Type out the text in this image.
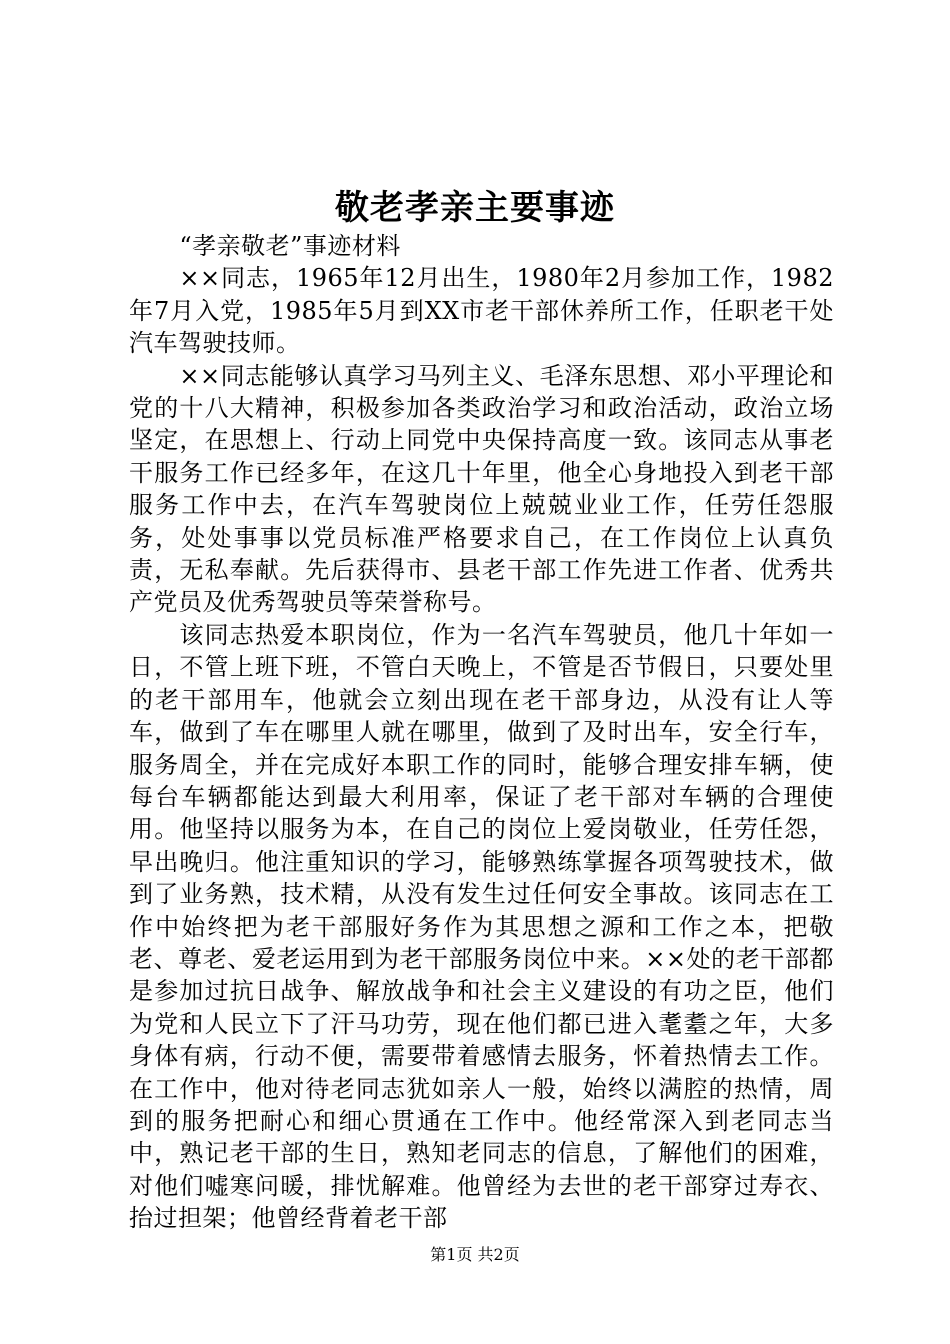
敬老孝亲主要事迹

“孝亲敬老”事迹材料

××同志，1965年12月出生，1980年2月参加工作，1982年7月入党，1985年5月到XX市老干部休养所工作，任职老干处汽车驾驶技师。

××同志能够认真学习马列主义、毛泽东思想、邓小平理论和党的十八大精神，积极参加各类政治学习和政治活动，政治立场坚定，在思想上、行动上同党中央保持高度一致。该同志从事老干服务工作已经多年，在这几十年里，他全心身地投入到老干部服务工作中去，在汽车驾驶岗位上兢兢业业工作，任劳任怨服务，处处事事以党员标准严格要求自己，在工作岗位上认真负责，无私奉献。先后获得市、县老干部工作先进工作者、优秀共产党员及优秀驾驶员等荣誉称号。

该同志热爱本职岗位，作为一名汽车驾驶员，他几十年如一日，不管上班下班，不管白天晚上，不管是否节假日，只要处里的老干部用车，他就会立刻出现在老干部身边，从没有让人等车，做到了车在哪里人就在哪里，做到了及时出车，安全行车，服务周全，并在完成好本职工作的同时，能够合理安排车辆，使每台车辆都能达到最大利用率，保证了老干部对车辆的合理使用。他坚持以服务为本，在自己的岗位上爱岗敬业，任劳任怨，早出晚归。他注重知识的学习，能够熟练掌握各项驾驶技术，做到了业务熟，技术精，从没有发生过任何安全事故。该同志在工作中始终把为老干部服好务作为其思想之源和工作之本，把敬老、尊老、爱老运用到为老干部服务岗位中来。××处的老干部都是参加过抗日战争、解放战争和社会主义建设的有功之臣，他们为党和人民立下了汗马功劳，现在他们都已进入耄耋之年，大多身体有病，行动不便，需要带着感情去服务，怀着热情去工作。在工作中，他对待老同志犹如亲人一般，始终以满腔的热情，周到的服务把耐心和细心贯通在工作中。他经常深入到老同志当中，熟记老干部的生日，熟知老同志的信息，了解他们的困难，对他们嘘寒问暖，排忧解难。他曾经为去世的老干部穿过寿衣、抬过担架；他曾经背着老干部

第1页 共2页
